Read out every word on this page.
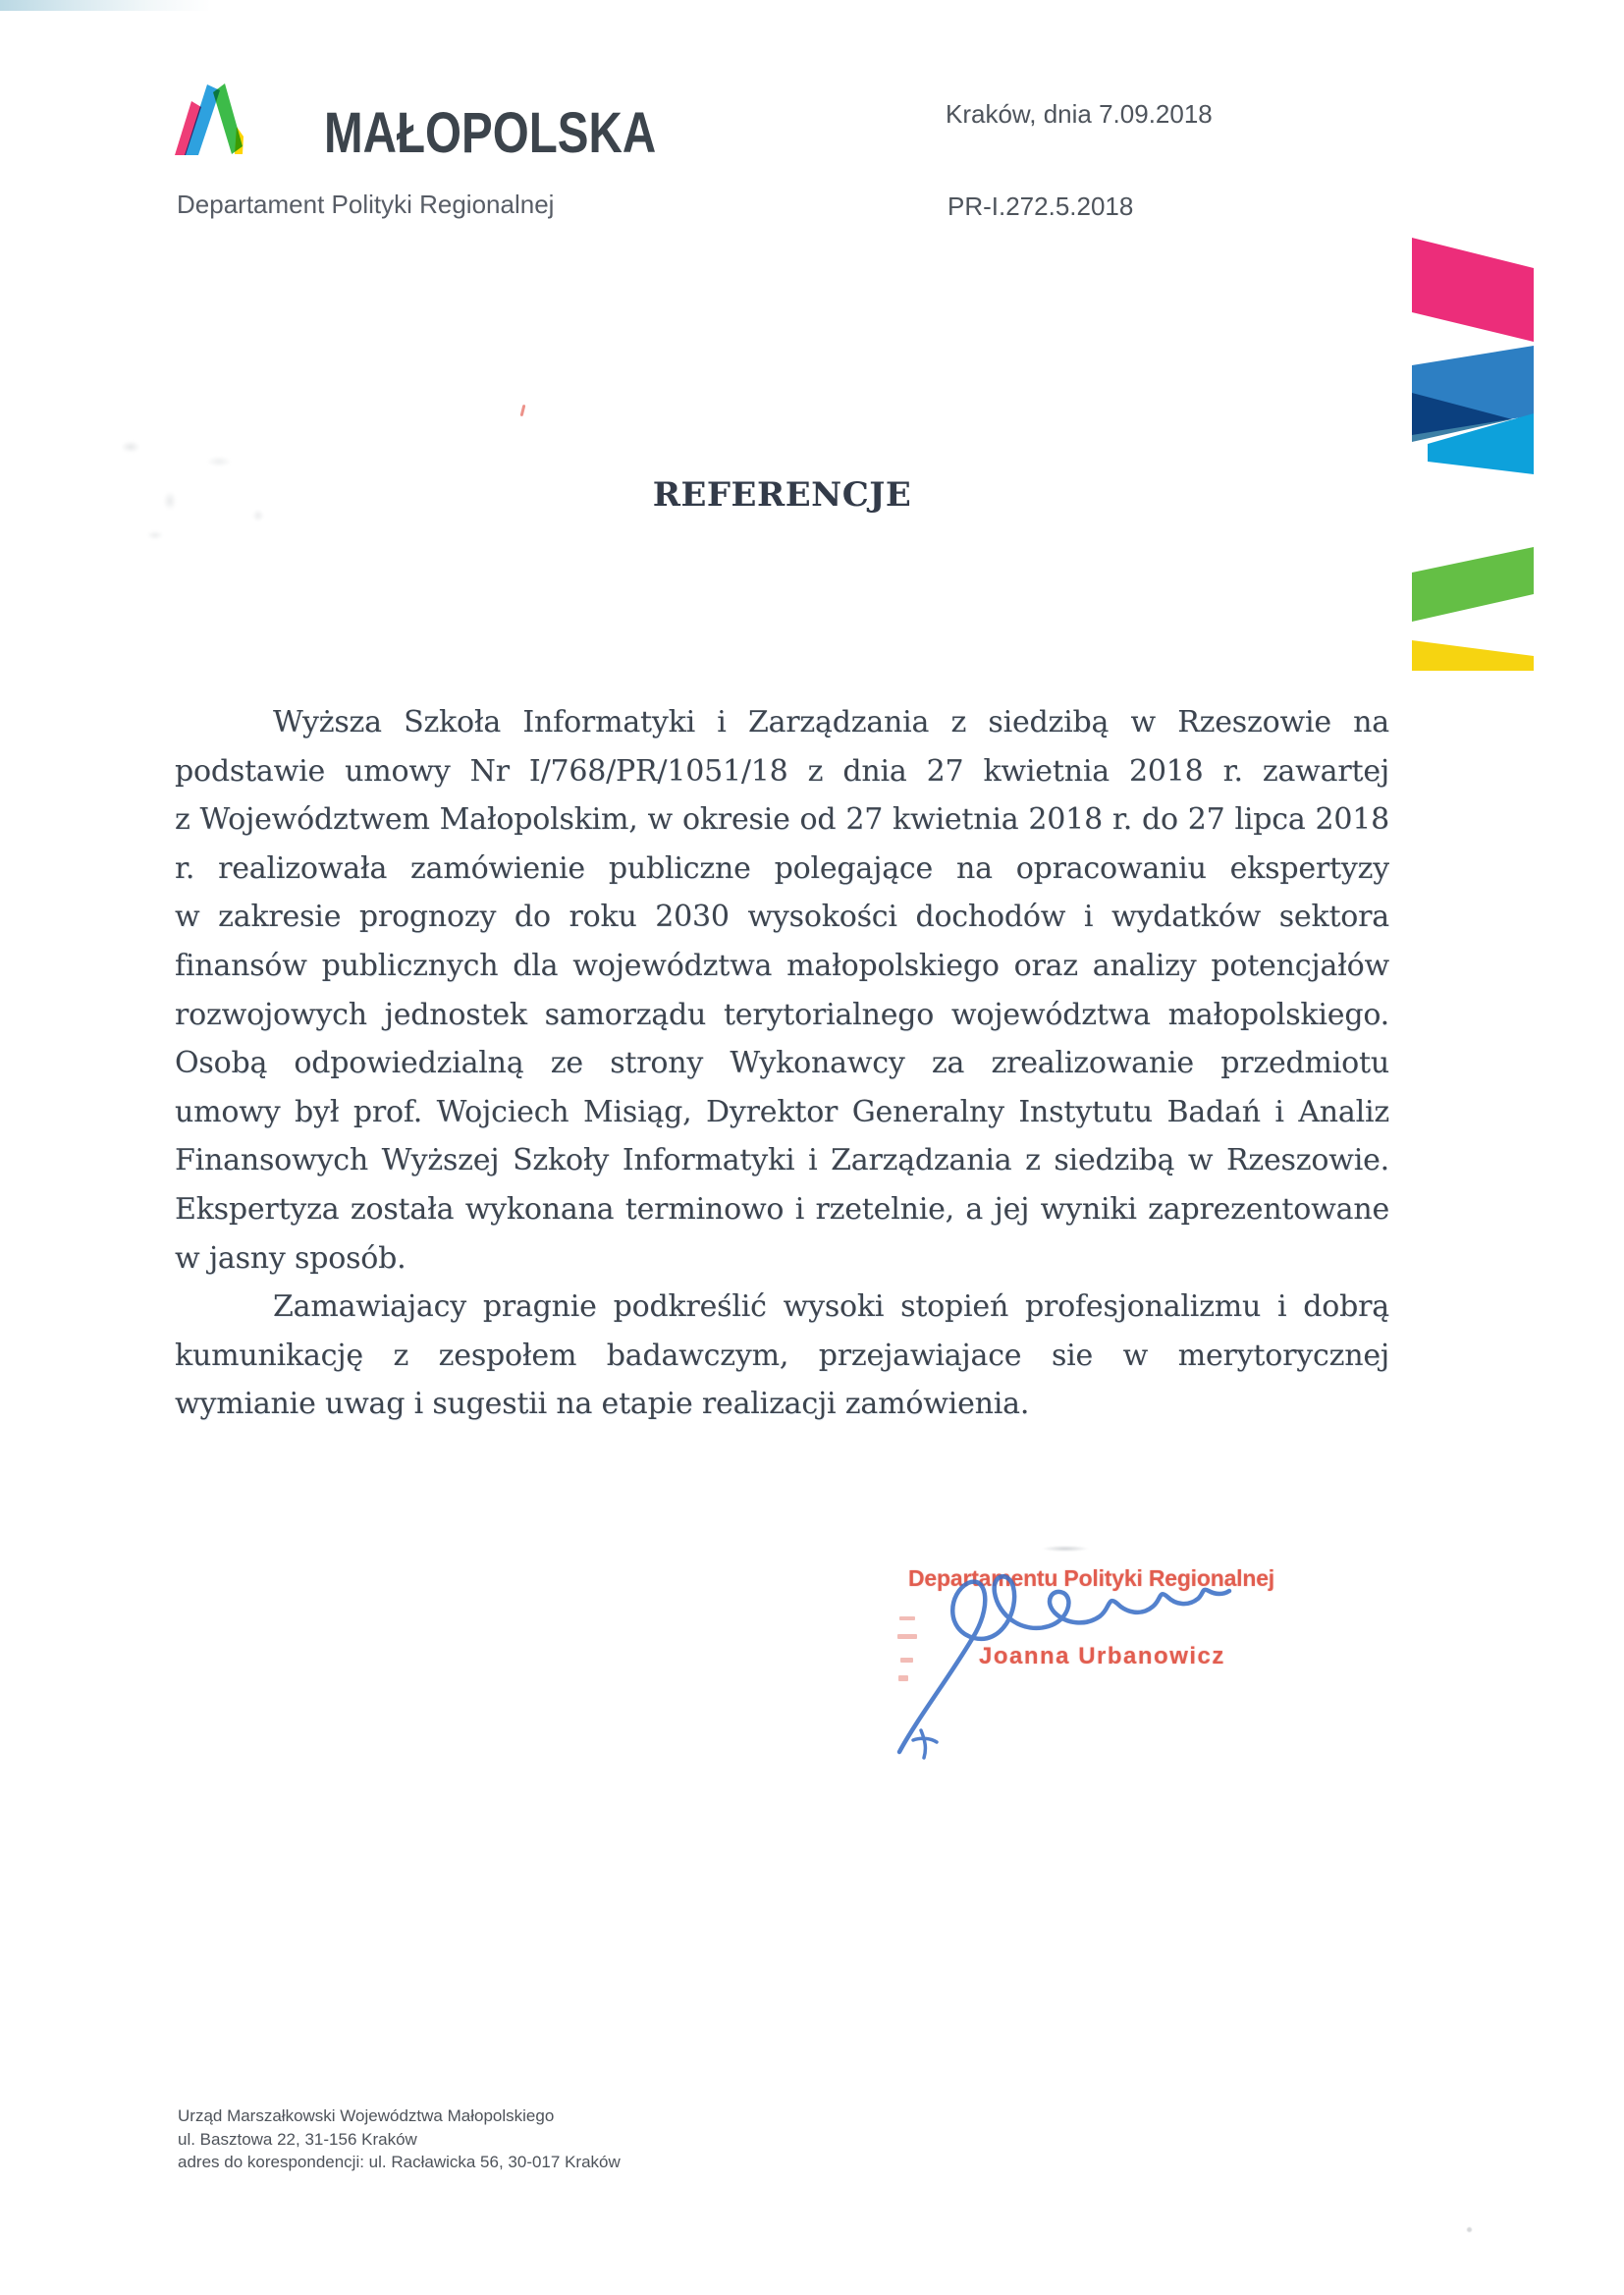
MAŁOPOLSKA
Departament Polityki Regionalnej
Kraków, dnia 7.09.2018
PR-I.272.5.2018
REFERENCJE
Wyższa Szkoła Informatyki i Zarządzania z siedzibą w Rzeszowie na
podstawie umowy Nr I/768/PR/1051/18 z dnia 27 kwietnia 2018 r. zawartej
z Województwem Małopolskim, w okresie od 27 kwietnia 2018 r. do 27 lipca 2018
r. realizowała zamówienie publiczne polegające na opracowaniu ekspertyzy
w zakresie prognozy do roku 2030 wysokości dochodów i wydatków sektora
finansów publicznych dla województwa małopolskiego oraz analizy potencjałów
rozwojowych jednostek samorządu terytorialnego województwa małopolskiego.
Osobą odpowiedzialną ze strony Wykonawcy za zrealizowanie przedmiotu
umowy był prof. Wojciech Misiąg, Dyrektor Generalny Instytutu Badań i Analiz
Finansowych Wyższej Szkoły Informatyki i Zarządzania z siedzibą w Rzeszowie.
Ekspertyza została wykonana terminowo i rzetelnie, a jej wyniki zaprezentowane
w jasny sposób.
Zamawiajacy pragnie podkreślić wysoki stopień profesjonalizmu i dobrą
kumunikację z zespołem badawczym, przejawiajace sie w merytorycznej
wymianie uwag i sugestii na etapie realizacji zamówienia.
Departamentu Polityki Regionalnej
Joanna Urbanowicz
Urząd Marszałkowski Województwa Małopolskiego
ul. Basztowa 22, 31-156 Kraków
adres do korespondencji: ul. Racławicka 56, 30-017 Kraków
